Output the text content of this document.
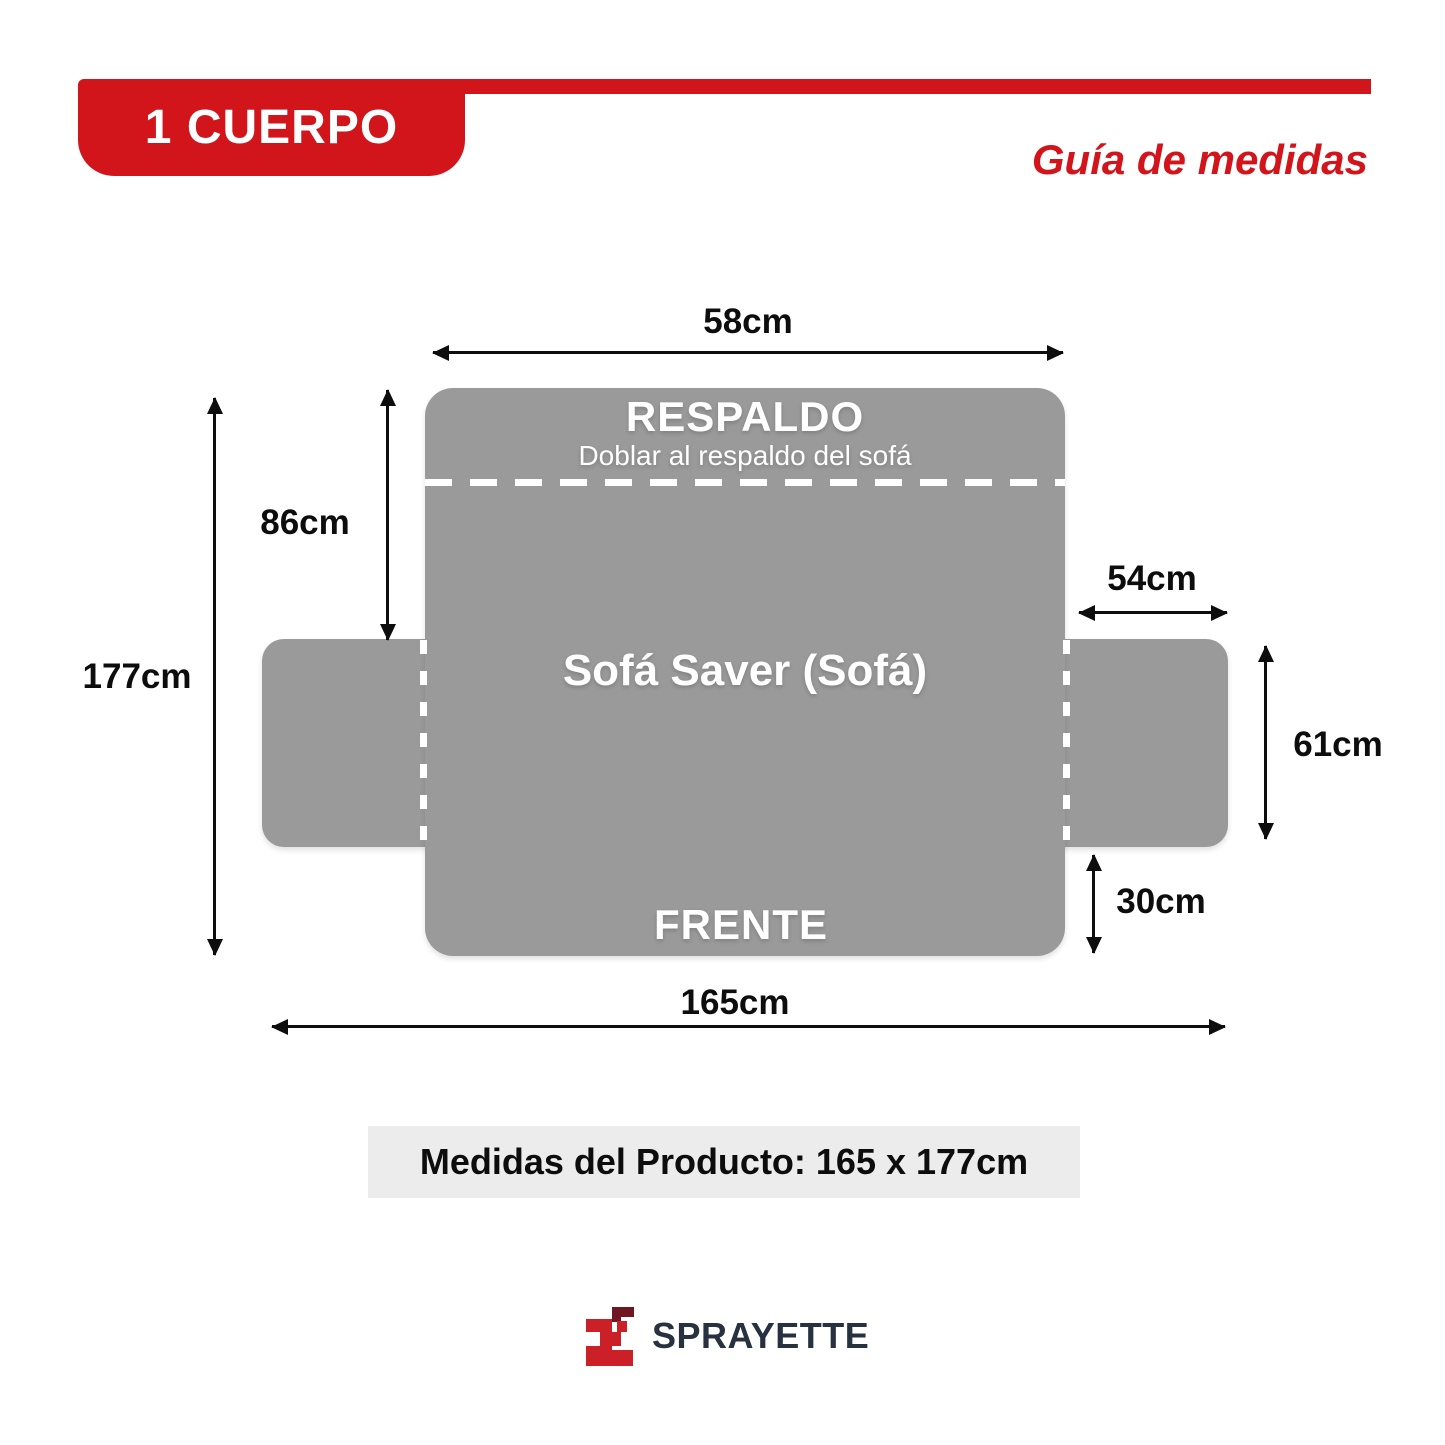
1 CUERPO
Guía de medidas
RESPALDO
Doblar al respaldo del sofá
Sofá Saver (Sofá)
FRENTE
58cm
86cm
177cm
54cm
61cm
30cm
165cm
Medidas del Producto: 165 x 177cm
SPRAYETTE
